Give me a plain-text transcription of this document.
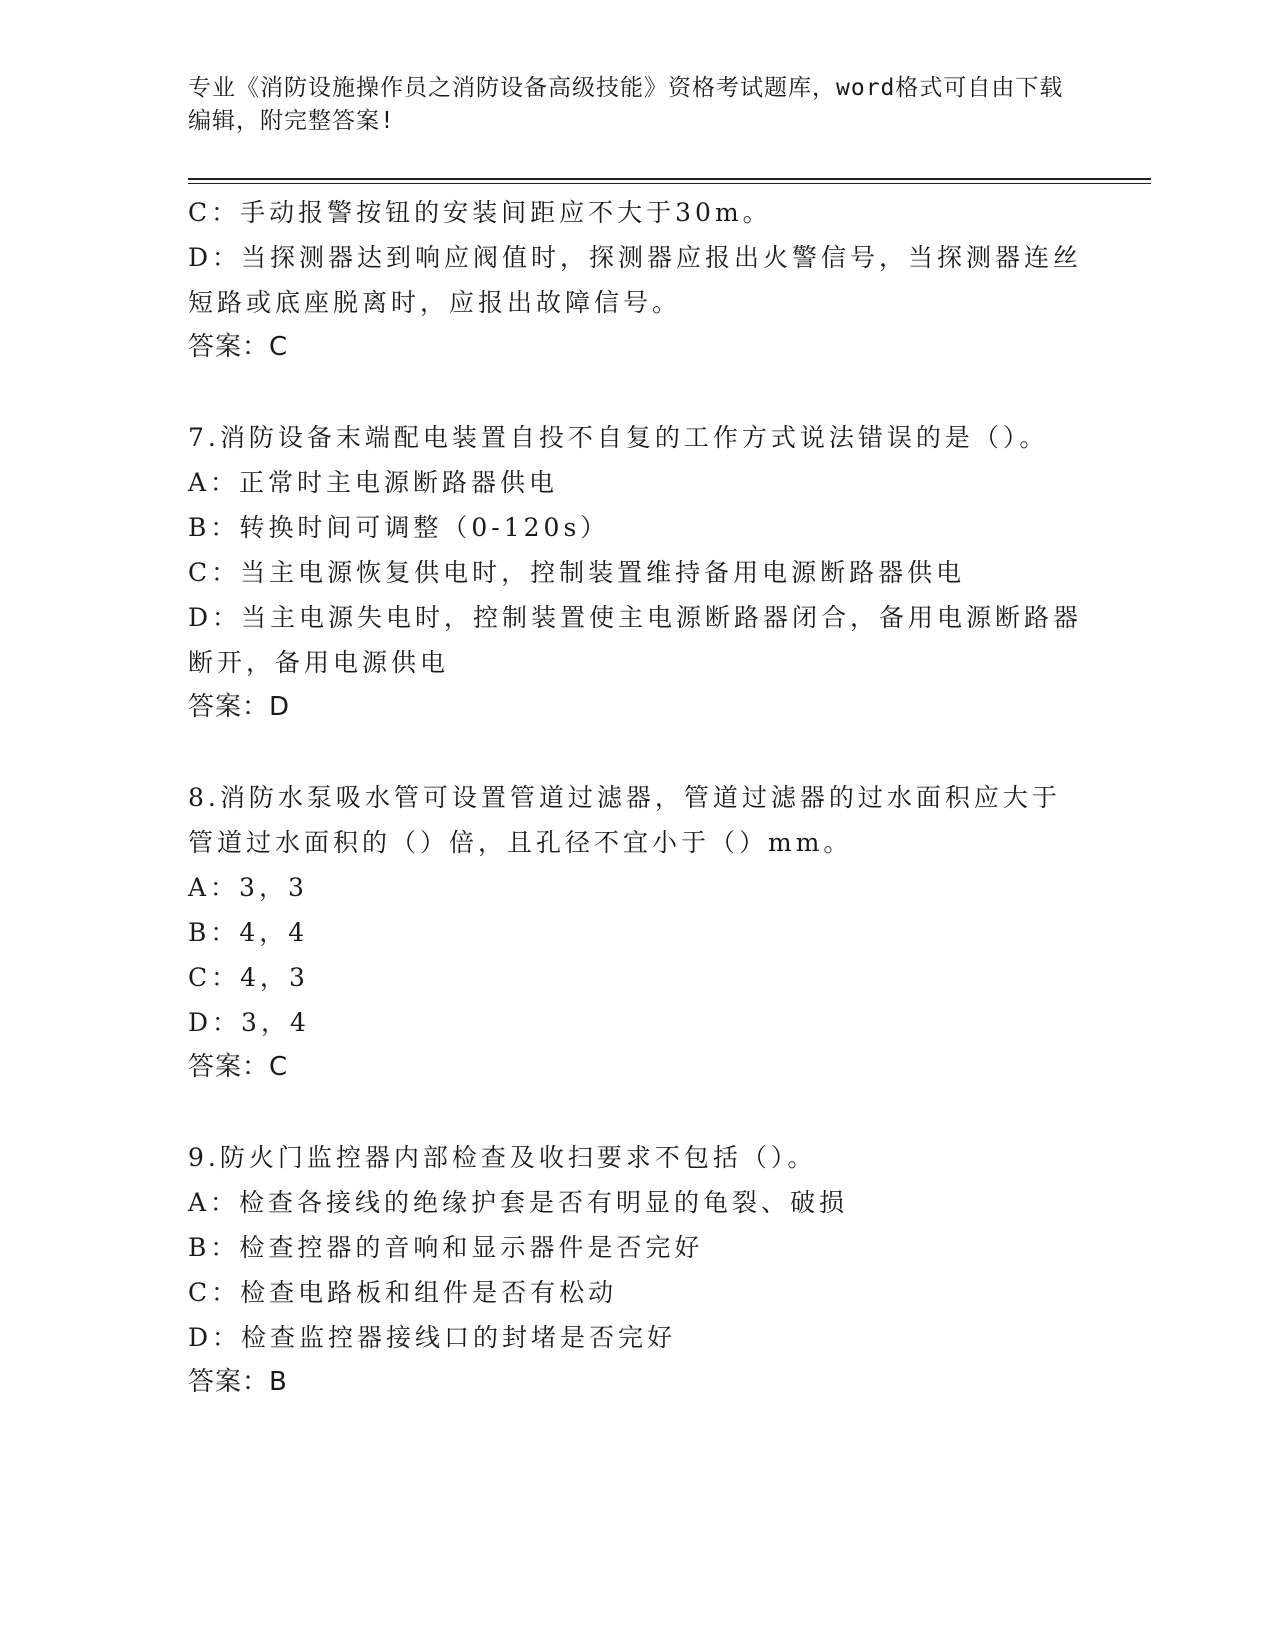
专业《消防设施操作员之消防设备高级技能》资格考试题库，word格式可自由下载编辑，附完整答案!
C：手动报警按钮的安装间距应不大于30m。
D：当探测器达到响应阀值时，探测器应报出火警信号，当探测器连丝短路或底座脱离时，应报出故障信号。
答案：C
7.消防设备末端配电装置自投不自复的工作方式说法错误的是（）。
A：正常时主电源断路器供电
B：转换时间可调整（0-120s）
C：当主电源恢复供电时，控制装置维持备用电源断路器供电
D：当主电源失电时，控制装置使主电源断路器闭合，备用电源断路器断开，备用电源供电
答案：D
8.消防水泵吸水管可设置管道过滤器，管道过滤器的过水面积应大于管道过水面积的（）倍，且孔径不宜小于（）mm。
A：3，3
B：4，4
C：4，3
D：3，4
答案：C
9.防火门监控器内部检查及收扫要求不包括（）。
A：检查各接线的绝缘护套是否有明显的龟裂、破损
B：检查控器的音响和显示器件是否完好
C：检查电路板和组件是否有松动
D：检查监控器接线口的封堵是否完好
答案：B
